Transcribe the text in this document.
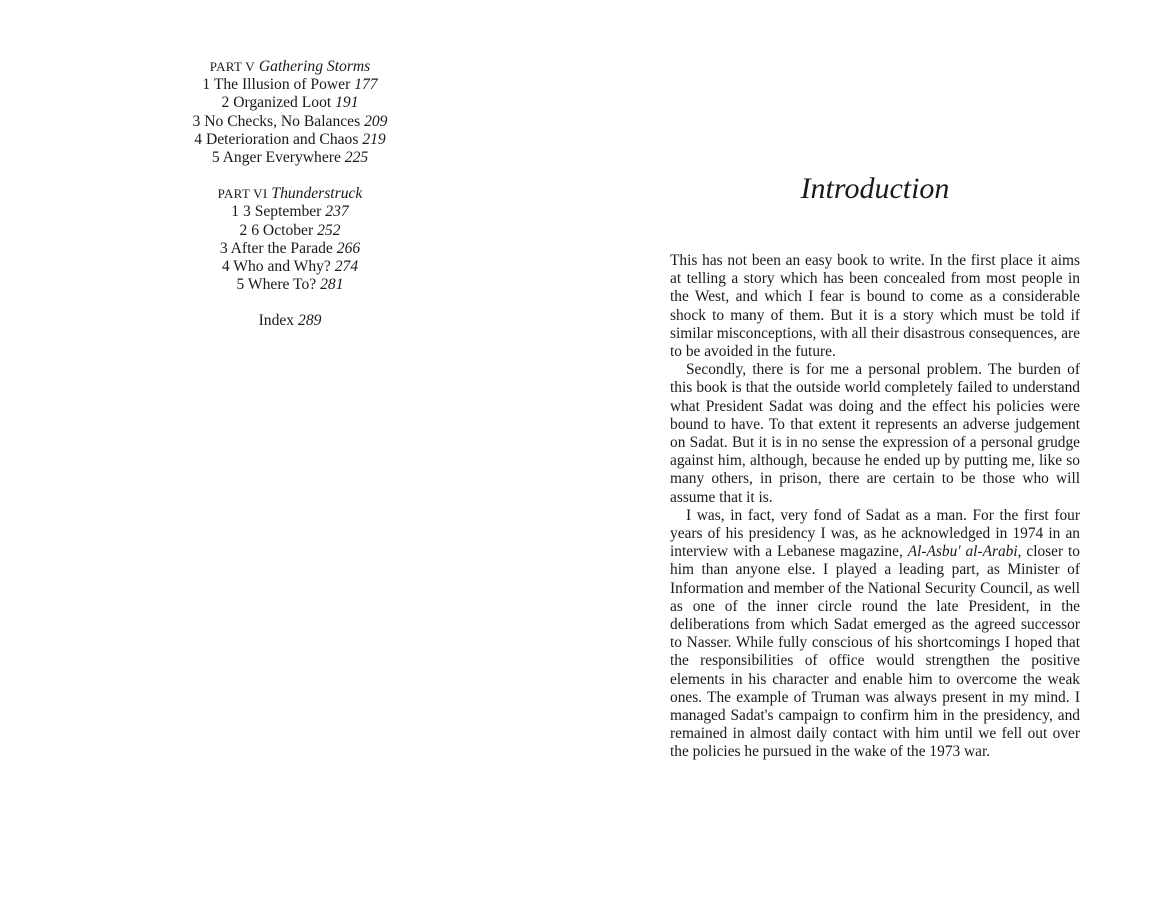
PART V Gathering Storms
1 The Illusion of Power 177
2 Organized Loot 191
3 No Checks, No Balances 209
4 Deterioration and Chaos 219
5 Anger Everywhere 225
PART VI Thunderstruck
1 3 September 237
2 6 October 252
3 After the Parade 266
4 Who and Why? 274
5 Where To? 281
Index 289
Introduction

This has not been an easy book to write. In the first place it aims at telling a story which has been concealed from most people in the West, and which I fear is bound to come as a considerable shock to many of them. But it is a story which must be told if similar misconceptions, with all their disastrous consequences, are to be avoided in the future.

Secondly, there is for me a personal problem. The burden of this book is that the outside world completely failed to understand what President Sadat was doing and the effect his policies were bound to have. To that extent it represents an adverse judgement on Sadat. But it is in no sense the expression of a personal grudge against him, although, because he ended up by putting me, like so many others, in prison, there are certain to be those who will assume that it is.

I was, in fact, very fond of Sadat as a man. For the first four years of his presidency I was, as he acknowledged in 1974 in an interview with a Lebanese magazine, Al-Asbu' al-Arabi, closer to him than anyone else. I played a leading part, as Minister of Information and member of the National Security Council, as well as one of the inner circle round the late President, in the deliberations from which Sadat emerged as the agreed successor to Nasser. While fully conscious of his shortcomings I hoped that the responsibilities of office would strengthen the positive elements in his character and enable him to overcome the weak ones. The example of Truman was always present in my mind. I managed Sadat's campaign to confirm him in the presidency, and remained in almost daily contact with him until we fell out over the policies he pursued in the wake of the 1973 war.
